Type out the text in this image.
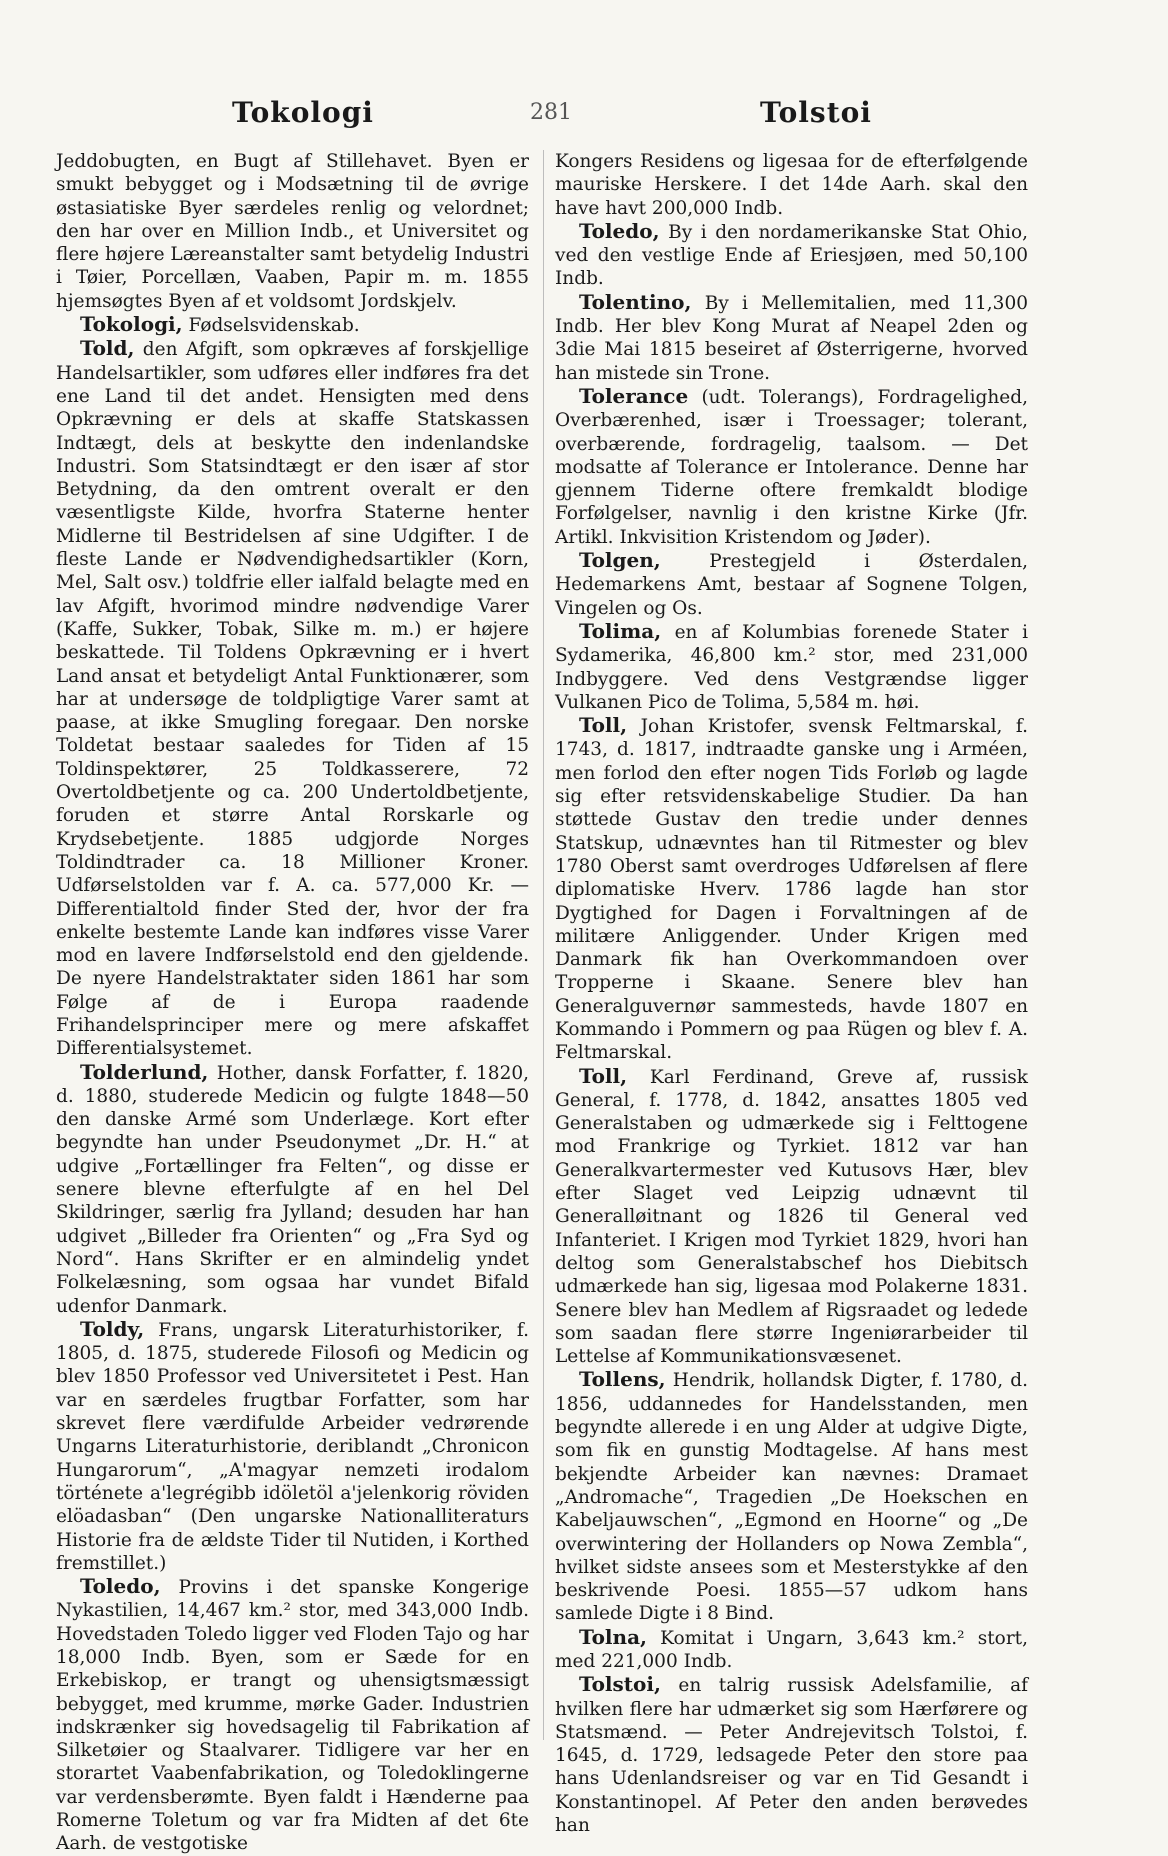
Tokologi	281	Tolstoi

Jeddobugten, en Bugt af Stillehavet. Byen er smukt bebygget og i Modsætning til de øvrige østasiatiske Byer særdeles renlig og velordnet; den har over en Million Indb., et Universitet og flere højere Læreanstalter samt betydelig Industri i Tøier, Porcellæn, Vaaben, Papir m. m. 1855 hjemsøgtes Byen af et voldsomt Jordskjelv.

Tokologi, Fødselsvidenskab.

Told, den Afgift, som opkræves af forskjellige Handelsartikler, som udføres eller indføres fra det ene Land til det andet. Hensigten med dens Opkrævning er dels at skaffe Statskassen Indtægt, dels at beskytte den indenlandske Industri. Som Statsindtægt er den især af stor Betydning, da den omtrent overalt er den væsentligste Kilde, hvorfra Staterne henter Midlerne til Bestridelsen af sine Udgifter. I de fleste Lande er Nødvendighedsartikler (Korn, Mel, Salt osv.) toldfrie eller ialfald belagte med en lav Afgift, hvorimod mindre nødvendige Varer (Kaffe, Sukker, Tobak, Silke m. m.) er højere beskattede. Til Toldens Opkrævning er i hvert Land ansat et betydeligt Antal Funktionærer, som har at undersøge de toldpligtige Varer samt at paase, at ikke Smugling foregaar. Den norske Toldetat bestaar saaledes for Tiden af 15 Toldinspektører, 25 Toldkasserere, 72 Overtoldbetjente og ca. 200 Undertoldbetjente, foruden et større Antal Rorskarle og Krydsebetjente. 1885 udgjorde Norges Toldindtrader ca. 18 Millioner Kroner. Udførselstolden var f. A. ca. 577,000 Kr. — Differentialtold finder Sted der, hvor der fra enkelte bestemte Lande kan indføres visse Varer mod en lavere Indførselstold end den gjeldende. De nyere Handelstraktater siden 1861 har som Følge af de i Europa raadende Frihandelsprinciper mere og mere afskaffet Differentialsystemet.

Tolderlund, Hother, dansk Forfatter, f. 1820, d. 1880, studerede Medicin og fulgte 1848—50 den danske Armé som Underlæge. Kort efter begyndte han under Pseudonymet „Dr. H.“ at udgive „Fortællinger fra Felten“, og disse er senere blevne efterfulgte af en hel Del Skildringer, særlig fra Jylland; desuden har han udgivet „Billeder fra Orienten“ og „Fra Syd og Nord“. Hans Skrifter er en almindelig yndet Folkelæsning, som ogsaa har vundet Bifald udenfor Danmark.

Toldy, Frans, ungarsk Literaturhistoriker, f. 1805, d. 1875, studerede Filosofi og Medicin og blev 1850 Professor ved Universitetet i Pest. Han var en særdeles frugtbar Forfatter, som har skrevet flere værdifulde Arbeider vedrørende Ungarns Literaturhistorie, deriblandt „Chronicon Hungarorum“, „A'magyar nemzeti irodalom története a'legrégibb idöletöl a'jelenkorig röviden elöadasban“ (Den ungarske Nationalliteraturs Historie fra de ældste Tider til Nutiden, i Korthed fremstillet.)

Toledo, Provins i det spanske Kongerige Nykastilien, 14,467 km.² stor, med 343,000 Indb. Hovedstaden Toledo ligger ved Floden Tajo og har 18,000 Indb. Byen, som er Sæde for en Erkebiskop, er trangt og uhensigtsmæssigt bebygget, med krumme, mørke Gader. Industrien indskrænker sig hovedsagelig til Fabrikation af Silketøier og Staalvarer. Tidligere var her en storartet Vaabenfabrikation, og Toledoklingerne var verdensberømte. Byen faldt i Hænderne paa Romerne Toletum og var fra Midten af det 6te Aarh. de vestgotiske

Kongers Residens og ligesaa for de efterfølgende mauriske Herskere. I det 14de Aarh. skal den have havt 200,000 Indb.

Toledo, By i den nordamerikanske Stat Ohio, ved den vestlige Ende af Eriesjøen, med 50,100 Indb.

Tolentino, By i Mellemitalien, med 11,300 Indb. Her blev Kong Murat af Neapel 2den og 3die Mai 1815 beseiret af Østerrigerne, hvorved han mistede sin Trone.

Tolerance (udt. Tolerangs), Fordragelighed, Overbærenhed, især i Troessager; tolerant, overbærende, fordragelig, taalsom. — Det modsatte af Tolerance er Intolerance. Denne har gjennem Tiderne oftere fremkaldt blodige Forfølgelser, navnlig i den kristne Kirke (Jfr. Artikl. Inkvisition Kristendom og Jøder).

Tolgen,	Prestegjeld i Østerdalen, Hedemarkens Amt, bestaar af Sognene Tolgen, Vingelen og Os.

Tolima, en af Kolumbias forenede Stater i Sydamerika, 46,800 km.² stor, med 231,000 Indbyggere. Ved dens Vestgrændse ligger Vulkanen Pico de Tolima, 5,584 m. høi.

Toll, Johan Kristofer, svensk Feltmarskal, f. 1743, d. 1817, indtraadte ganske ung i Arméen, men forlod den efter nogen Tids Forløb og lagde sig efter retsvidenskabelige Studier. Da han støttede Gustav den tredie under dennes Statskup, udnævntes han til Ritmester og blev 1780 Oberst samt overdroges Udførelsen af flere diplomatiske Hverv. 1786 lagde han stor Dygtighed for Dagen i Forvaltningen af de militære Anliggender. Under Krigen med Danmark fik han Overkommandoen over Tropperne i Skaane. Senere blev han Generalguvernør sammesteds, havde 1807 en Kommando i Pommern og paa Rügen og blev f. A. Feltmarskal.

Toll, Karl Ferdinand, Greve af, russisk General, f. 1778, d. 1842, ansattes 1805 ved Generalstaben og udmærkede sig i Felttogene mod Frankrige og Tyrkiet. 1812 var han Generalkvartermester ved Kutusovs Hær, blev efter Slaget ved Leipzig udnævnt til Generalløitnant og 1826 til General ved Infanteriet. I Krigen mod Tyrkiet 1829, hvori han deltog som Generalstabschef hos Diebitsch udmærkede han sig, ligesaa mod Polakerne 1831. Senere blev han Medlem af Rigsraadet og ledede som saadan flere større Ingeniørarbeider til Lettelse af Kommunikationsvæsenet.

Tollens, Hendrik, hollandsk Digter, f. 1780, d. 1856, uddannedes for Handelsstanden, men begyndte allerede i en ung Alder at udgive Digte, som fik en gunstig Modtagelse. Af hans mest bekjendte Arbeider kan nævnes: Dramaet „Andromache“, Tragedien „De Hoekschen en Kabeljauwschen“, „Egmond en Hoorne“ og „De overwintering der Hollanders op Nowa Zembla“, hvilket sidste ansees som et Mesterstykke af den beskrivende Poesi. 1855—57 udkom hans samlede Digte i 8 Bind.

Tolna, Komitat i Ungarn, 3,643 km.² stort, med 221,000 Indb.

Tolstoi, en talrig russisk Adelsfamilie, af hvilken flere har udmærket sig som Hærførere og Statsmænd. — Peter Andrejevitsch Tolstoi, f. 1645, d. 1729, ledsagede Peter den store paa hans Udenlandsreiser og var en Tid Gesandt i Konstantinopel. Af Peter den anden berøvedes han
